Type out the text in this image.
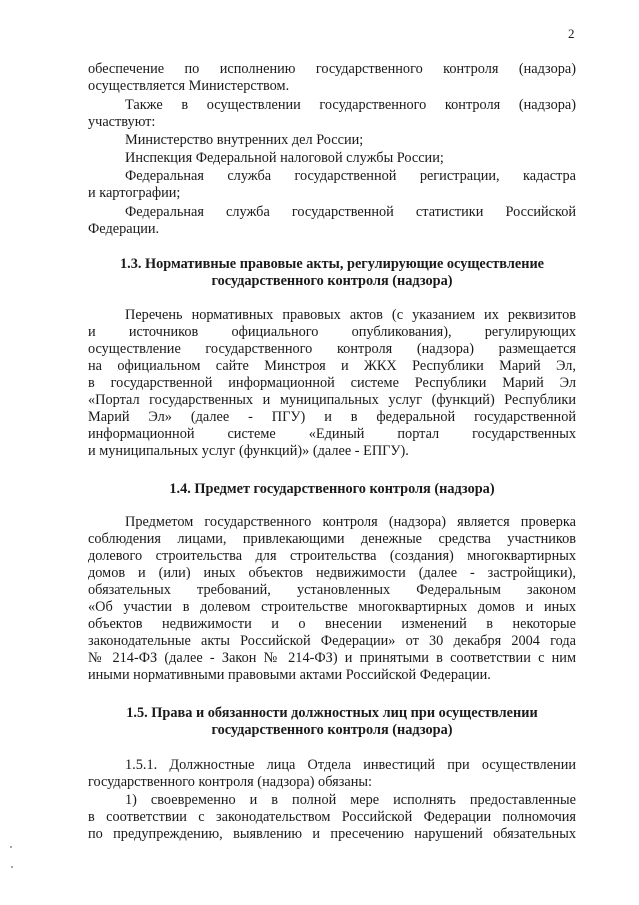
2
обеспечение по исполнению государственного контроля (надзора)
осуществляется Министерством.
Также в осуществлении государственного контроля (надзора)
участвуют:
Министерство внутренних дел России;
Инспекция Федеральной налоговой службы России;
Федеральная служба государственной регистрации, кадастра
и картографии;
Федеральная служба государственной статистики Российской
Федерации.
1.3. Нормативные правовые акты, регулирующие осуществление
государственного контроля (надзора)
Перечень нормативных правовых актов (с указанием их реквизитов
и источников официального опубликования), регулирующих
осуществление государственного контроля (надзора) размещается
на официальном сайте Минстроя и ЖКХ Республики Марий Эл,
в государственной информационной системе Республики Марий Эл
«Портал государственных и муниципальных услуг (функций) Республики
Марий Эл» (далее - ПГУ) и в федеральной государственной
информационной системе «Единый портал государственных
и муниципальных услуг (функций)» (далее - ЕПГУ).
1.4. Предмет государственного контроля (надзора)
Предметом государственного контроля (надзора) является проверка
соблюдения лицами, привлекающими денежные средства участников
долевого строительства для строительства (создания) многоквартирных
домов и (или) иных объектов недвижимости (далее - застройщики),
обязательных требований, установленных Федеральным законом
«Об участии в долевом строительстве многоквартирных домов и иных
объектов недвижимости и о внесении изменений в некоторые
законодательные акты Российской Федерации» от 30 декабря 2004 года
№ 214-ФЗ (далее - Закон № 214-ФЗ) и принятыми в соответствии с ним
иными нормативными правовыми актами Российской Федерации.
1.5. Права и обязанности должностных лиц при осуществлении
государственного контроля (надзора)
1.5.1. Должностные лица Отдела инвестиций при осуществлении
государственного контроля (надзора) обязаны:
1) своевременно и в полной мере исполнять предоставленные
в соответствии с законодательством Российской Федерации полномочия
по предупреждению, выявлению и пресечению нарушений обязательных
